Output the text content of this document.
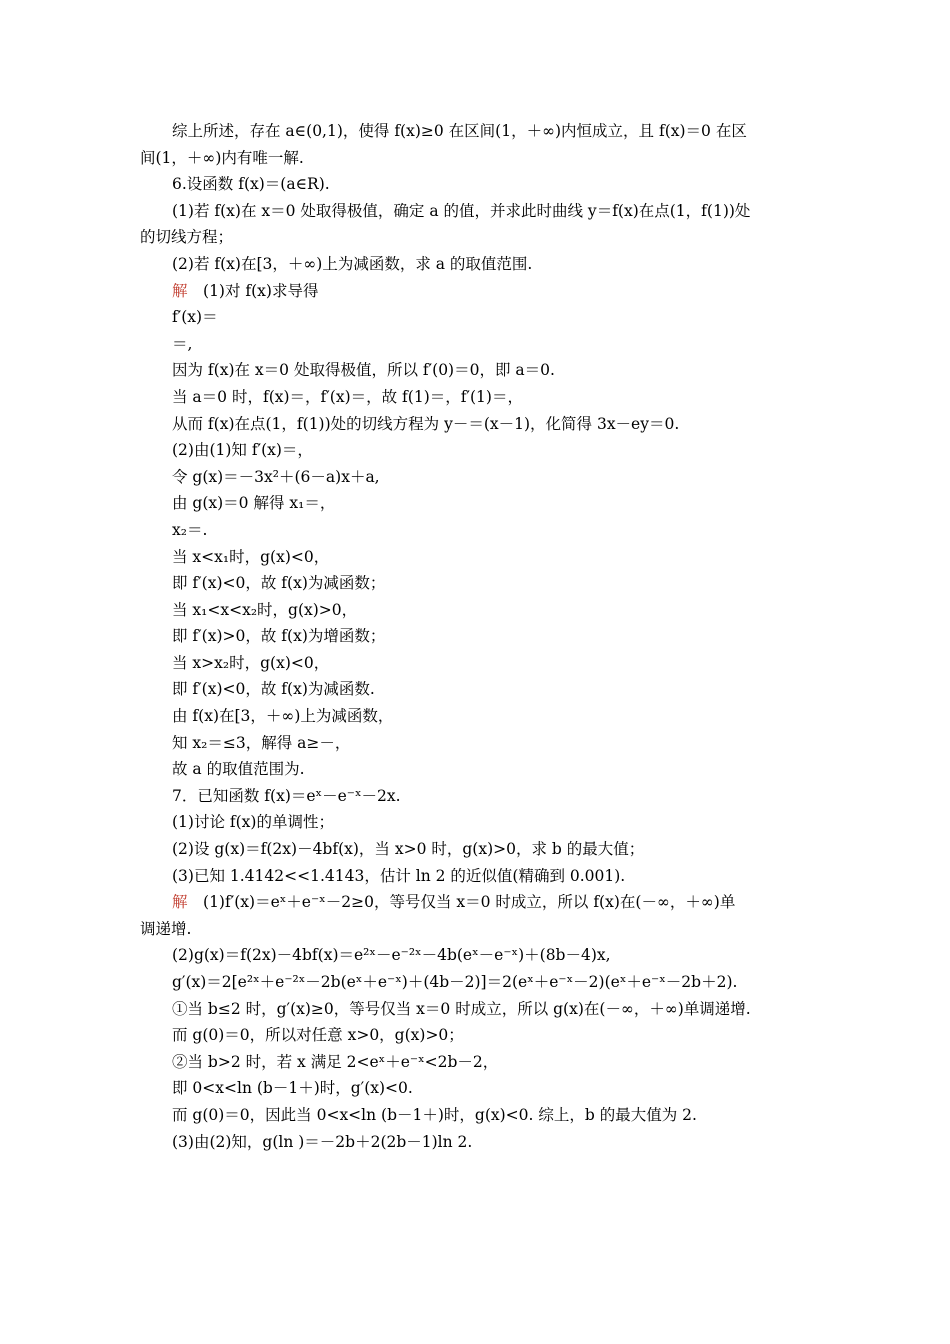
综上所述，存在 a∈(0,1)，使得 f(x)≥0 在区间(1，＋∞)内恒成立，且 f(x)＝0 在区
间(1，＋∞)内有唯一解.
6.设函数 f(x)＝(a∈R).
(1)若 f(x)在 x＝0 处取得极值，确定 a 的值，并求此时曲线 y＝f(x)在点(1，f(1))处
的切线方程；
(2)若 f(x)在[3，＋∞)上为减函数，求 a 的取值范围.
解　(1)对 f(x)求导得
f′(x)＝
＝,
因为 f(x)在 x＝0 处取得极值，所以 f′(0)＝0，即 a＝0.
当 a＝0 时，f(x)＝，f′(x)＝，故 f(1)＝，f′(1)＝，
从而 f(x)在点(1，f(1))处的切线方程为 y－＝(x－1)，化简得 3x－ey＝0.
(2)由(1)知 f′(x)＝，
令 g(x)＝－3x²＋(6－a)x＋a,
由 g(x)＝0 解得 x₁＝，
x₂＝.
当 x<x₁时，g(x)<0，
即 f′(x)<0，故 f(x)为减函数；
当 x₁<x<x₂时，g(x)>0，
即 f′(x)>0，故 f(x)为增函数；
当 x>x₂时，g(x)<0，
即 f′(x)<0，故 f(x)为减函数.
由 f(x)在[3，＋∞)上为减函数，
知 x₂＝≤3，解得 a≥－，
故 a 的取值范围为.
7．已知函数 f(x)＝eˣ－e⁻ˣ－2x.
(1)讨论 f(x)的单调性；
(2)设 g(x)＝f(2x)－4bf(x)，当 x>0 时，g(x)>0，求 b 的最大值；
(3)已知 1.4142<<1.4143，估计 ln 2 的近似值(精确到 0.001).
解　(1)f′(x)＝eˣ＋e⁻ˣ－2≥0，等号仅当 x＝0 时成立，所以 f(x)在(－∞，＋∞)单
调递增.
(2)g(x)＝f(2x)－4bf(x)＝e²ˣ－e⁻²ˣ－4b(eˣ－e⁻ˣ)＋(8b－4)x,
g′(x)＝2[e²ˣ＋e⁻²ˣ－2b(eˣ＋e⁻ˣ)＋(4b－2)]＝2(eˣ＋e⁻ˣ－2)(eˣ＋e⁻ˣ－2b＋2).
①当 b≤2 时，g′(x)≥0，等号仅当 x＝0 时成立，所以 g(x)在(－∞，＋∞)单调递增.
而 g(0)＝0，所以对任意 x>0，g(x)>0；
②当 b>2 时，若 x 满足 2<eˣ＋e⁻ˣ<2b－2，
即 0<x<ln (b－1＋)时，g′(x)<0.
而 g(0)＝0，因此当 0<x<ln (b－1＋)时，g(x)<0. 综上，b 的最大值为 2.
(3)由(2)知，g(ln )＝－2b＋2(2b－1)ln 2.
